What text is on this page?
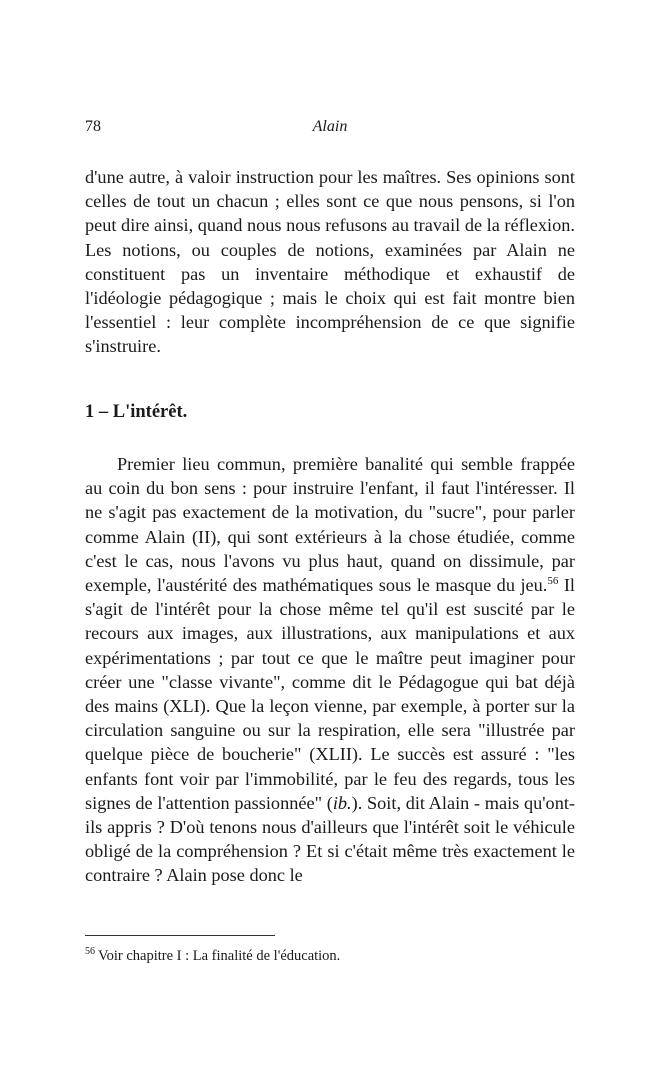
78	Alain

d'une autre, à valoir instruction pour les maîtres. Ses opinions sont celles de tout un chacun ; elles sont ce que nous pensons, si l'on peut dire ainsi, quand nous nous refusons au travail de la réflexion. Les notions, ou couples de notions, examinées par Alain ne constituent pas un inventaire méthodique et exhaustif de l'idéologie pédagogique ; mais le choix qui est fait montre bien l'essentiel : leur complète incompréhension de ce que signifie s'instruire.

1 – L'intérêt.

Premier lieu commun, première banalité qui semble frappée au coin du bon sens : pour instruire l'enfant, il faut l'intéresser. Il ne s'agit pas exactement de la motivation, du "sucre", pour parler comme Alain (II), qui sont extérieurs à la chose étudiée, comme c'est le cas, nous l'avons vu plus haut, quand on dissimule, par exemple, l'austérité des mathématiques sous le masque du jeu.$^{56}$ Il s'agit de l'intérêt pour la chose même tel qu'il est suscité par le recours aux images, aux illustrations, aux manipulations et aux expérimentations ; par tout ce que le maître peut imaginer pour créer une "classe vivante", comme dit le Pédagogue qui bat déjà des mains (XLI). Que la leçon vienne, par exemple, à porter sur la circulation sanguine ou sur la respiration, elle sera "illustrée par quelque pièce de boucherie" (XLII). Le succès est assuré : "les enfants font voir par l'immobilité, par le feu des regards, tous les signes de l'attention passionnée" (ib.). Soit, dit Alain - mais qu'ont-ils appris ? D'où tenons nous d'ailleurs que l'intérêt soit le véhicule obligé de la compréhension ? Et si c'était même très exactement le contraire ? Alain pose donc le

$^{56}$ Voir chapitre I : La finalité de l'éducation.
